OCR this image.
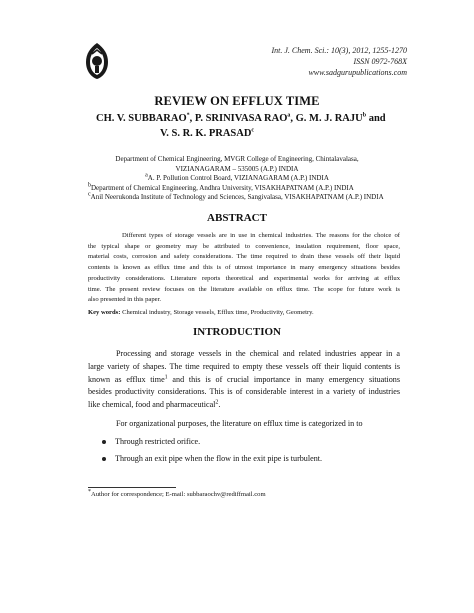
Int. J. Chem. Sci.: 10(3), 2012, 1255-1270
ISSN 0972-768X
www.sadgurupublications.com
REVIEW ON EFFLUX TIME
CH. V. SUBBARAO*, P. SRINIVASA RAO$^a$, G. M. J. RAJU$^b$ and
V. S. R. K. PRASAD$^c$
Department of Chemical Engineering, MVGR College of Engineering, Chintalavalasa,
VIZIANAGARAM – 535005 (A.P.) INDIA
$^a$A. P. Pollution Control Board, VIZIANAGARAM (A.P.) INDIA
$^b$Department of Chemical Engineering, Andhra University, VISAKHAPATNAM (A.P.) INDIA
$^c$Anil Neerukonda Institute of Technology and Sciences, Sangivalasa, VISAKHAPATNAM (A.P.) INDIA
ABSTRACT
Different types of storage vessels are in use in chemical industries. The reasons for the choice of
the typical shape or geometry may be attributed to convenience, insulation requirement, floor space,
material costs, corrosion and safety considerations. The time required to drain these vessels off their liquid
contents is known as efflux time and this is of utmost importance in many emergency situations besides
productivity considerations. Literature reports theoretical and experimental works for arriving at efflux
time. The present review focuses on the literature available on efflux time. The scope for future work is
also presented in this paper.
Key words: Chemical industry, Storage vessels, Efflux time, Productivity, Geometry.
INTRODUCTION
Processing and storage vessels in the chemical and related industries appear in a
large variety of shapes. The time required to empty these vessels off their liquid contents is
known as efflux time$^1$ and this is of crucial importance in many emergency situations
besides productivity considerations. This is of considerable interest in a variety of industries
like chemical, food and pharmaceutical$^2$.
For organizational purposes, the literature on efflux time is categorized in to
Through restricted orifice.
Through an exit pipe when the flow in the exit pipe is turbulent.
*Author for correspondence; E-mail: subbaraochv@rediffmail.com
